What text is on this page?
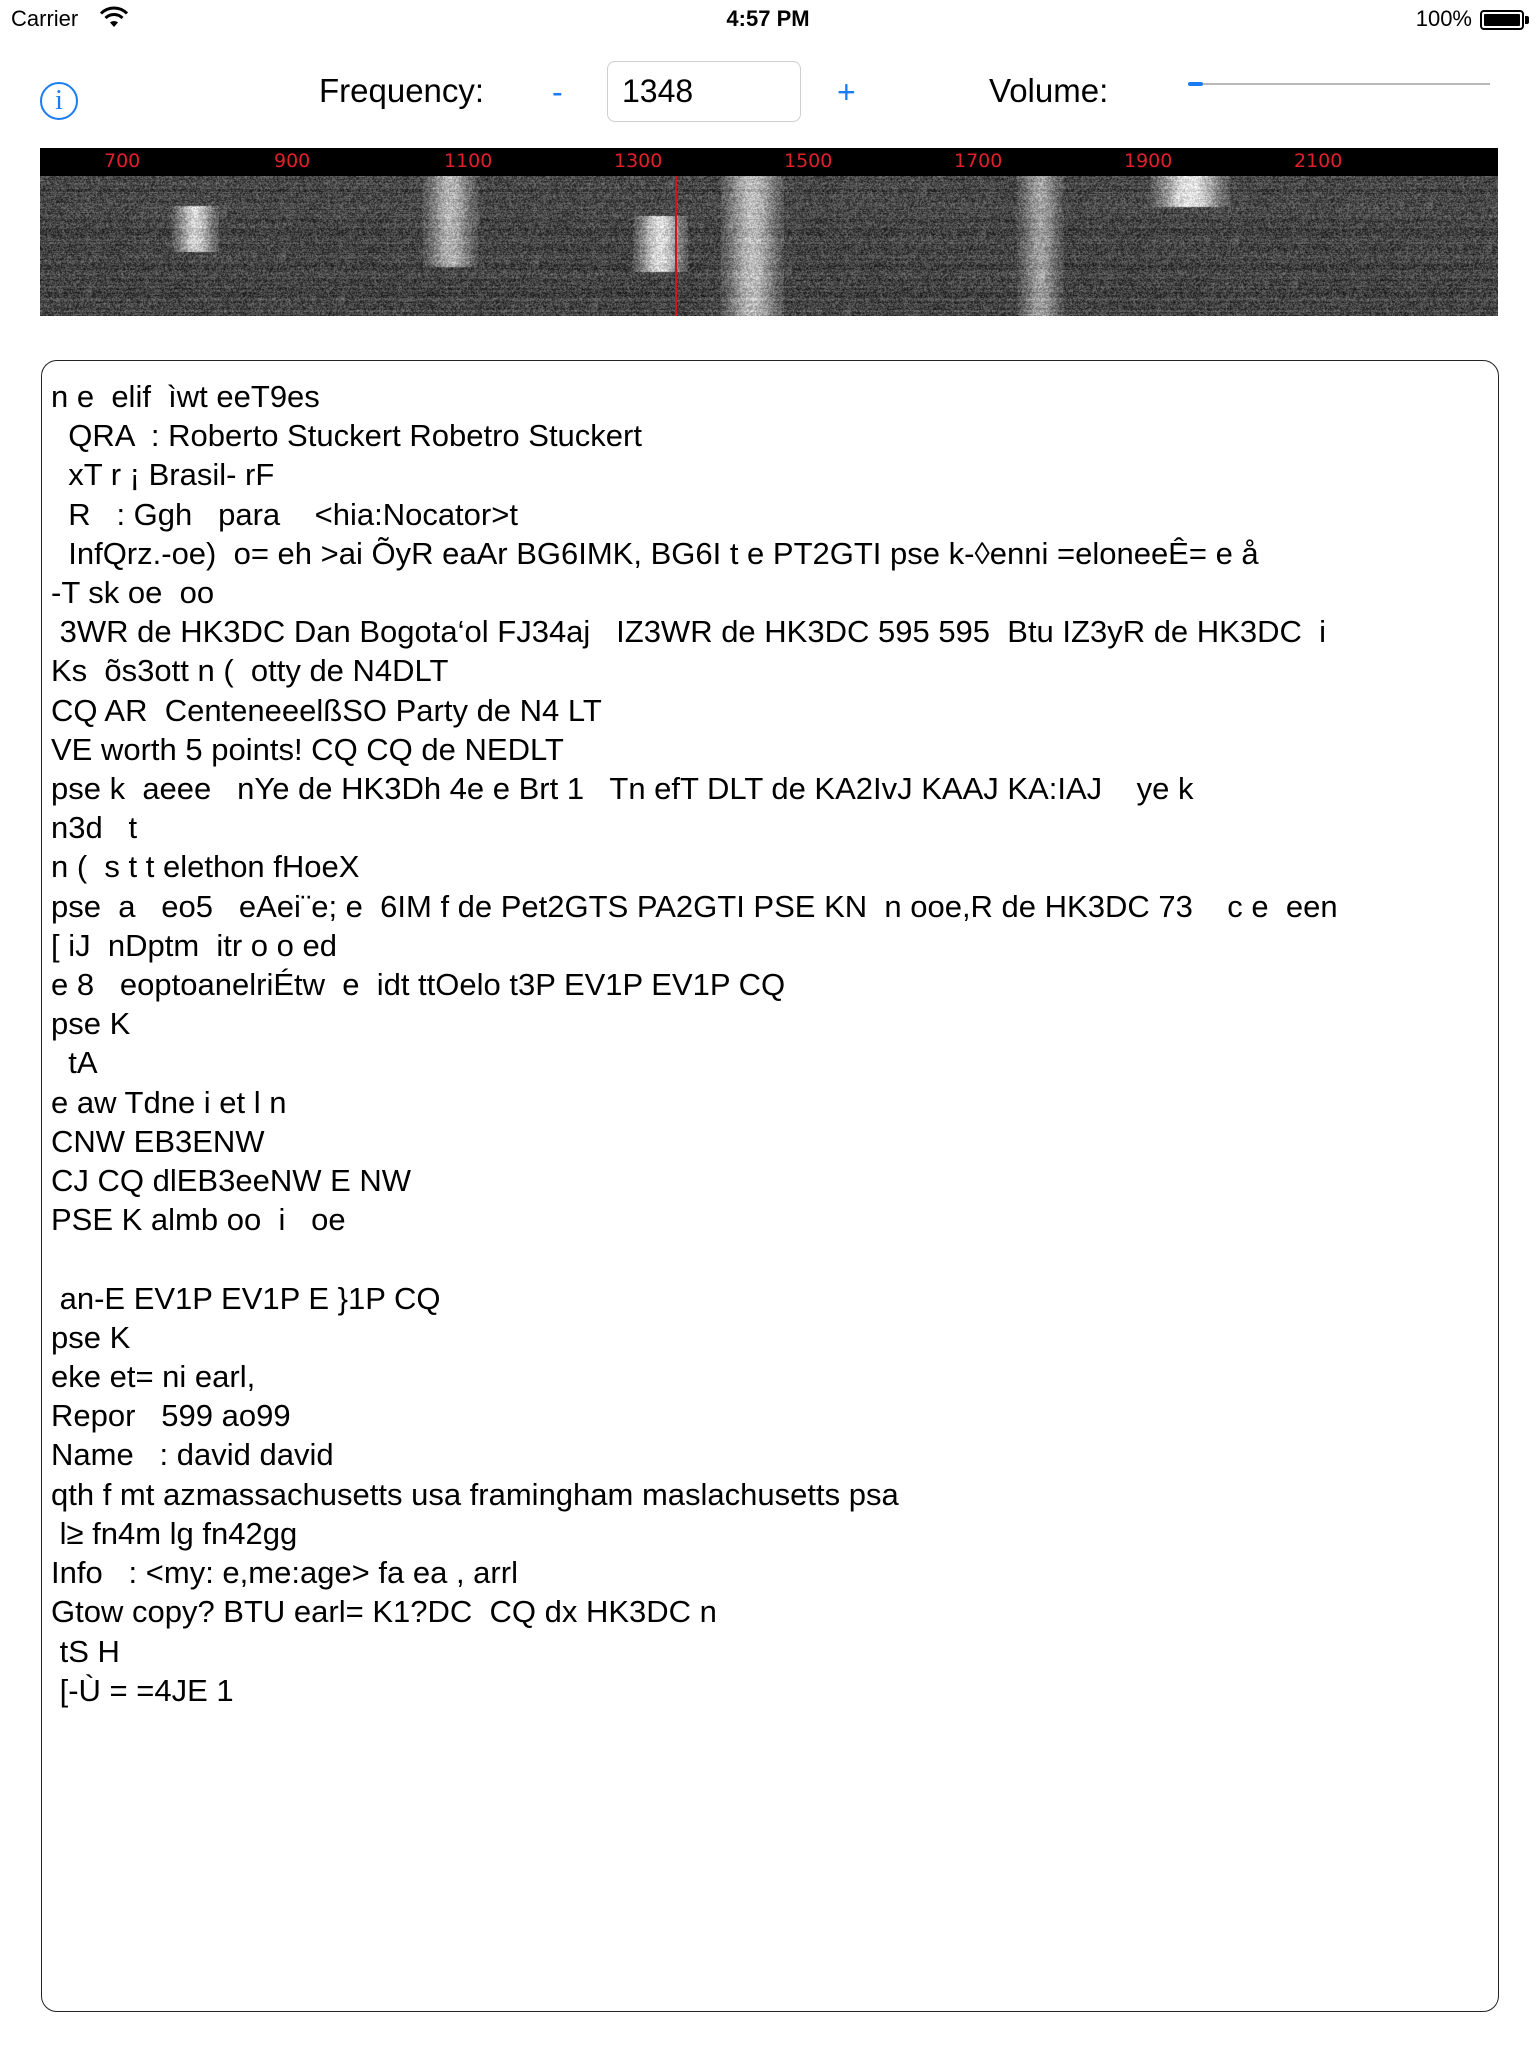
Carrier	4:57 PM	100%
i	Frequency: -
1348	+	Volume:
700	900	1100	1300	1500	1700	1900	2100
n e  elif  ìwt eeT9es
QRA  : Roberto Stuckert Robetro Stuckert
xT r ¡ Brasil- rF
R   : Ggh   para    <hia:Nocator>t
InfQrz.-oe)  o= eh >ai ÕyR eaAr BG6IMK, BG6I t e PT2GTI pse k-◊enni =eloneeÊ= e å
-T sk oe  oo
3WR de HK3DC Dan Bogota‘ol FJ34aj   IZ3WR de HK3DC 595 595  Btu IZ3yR de HK3DC  i
Ks  õs3ott n (  otty de N4DLT
CQ AR  CenteneeelßSO Party de N4 LT
VE worth 5 points! CQ CQ de NEDLT
pse k  aeee   nYe de HK3Dh 4e e Brt 1   Tn efT DLT de KA2IvJ KAAJ KA:IAJ    ye k
n3d   t
n (  s t t elethon fHoeX
pse  a   eo5   eAei¨e; e  6IM f de Pet2GTS PA2GTI PSE KN  n ooe,R de HK3DC 73    c e  een
[ iJ  nDptm  itr o o ed
e 8   eoptoanelriÉtw  e  idt ttOelo t3P EV1P EV1P CQ
pse K
tA
e aw Tdne i et l n
CNW EB3ENW
CJ CQ dlEB3eeNW E NW
PSE K almb oo  i   oe

an-E EV1P EV1P E }1P CQ
pse K
eke et= ni earl,
Repor   599 ao99
Name   : david david
qth f mt azmassachusetts usa framingham maslachusetts psa
l≥ fn4m lg fn42gg
Info   : <my: e,me:age> fa ea , arrl
Gtow copy? BTU earl= K1?DC  CQ dx HK3DC n
tS H
[-Ù = =4JE 1
